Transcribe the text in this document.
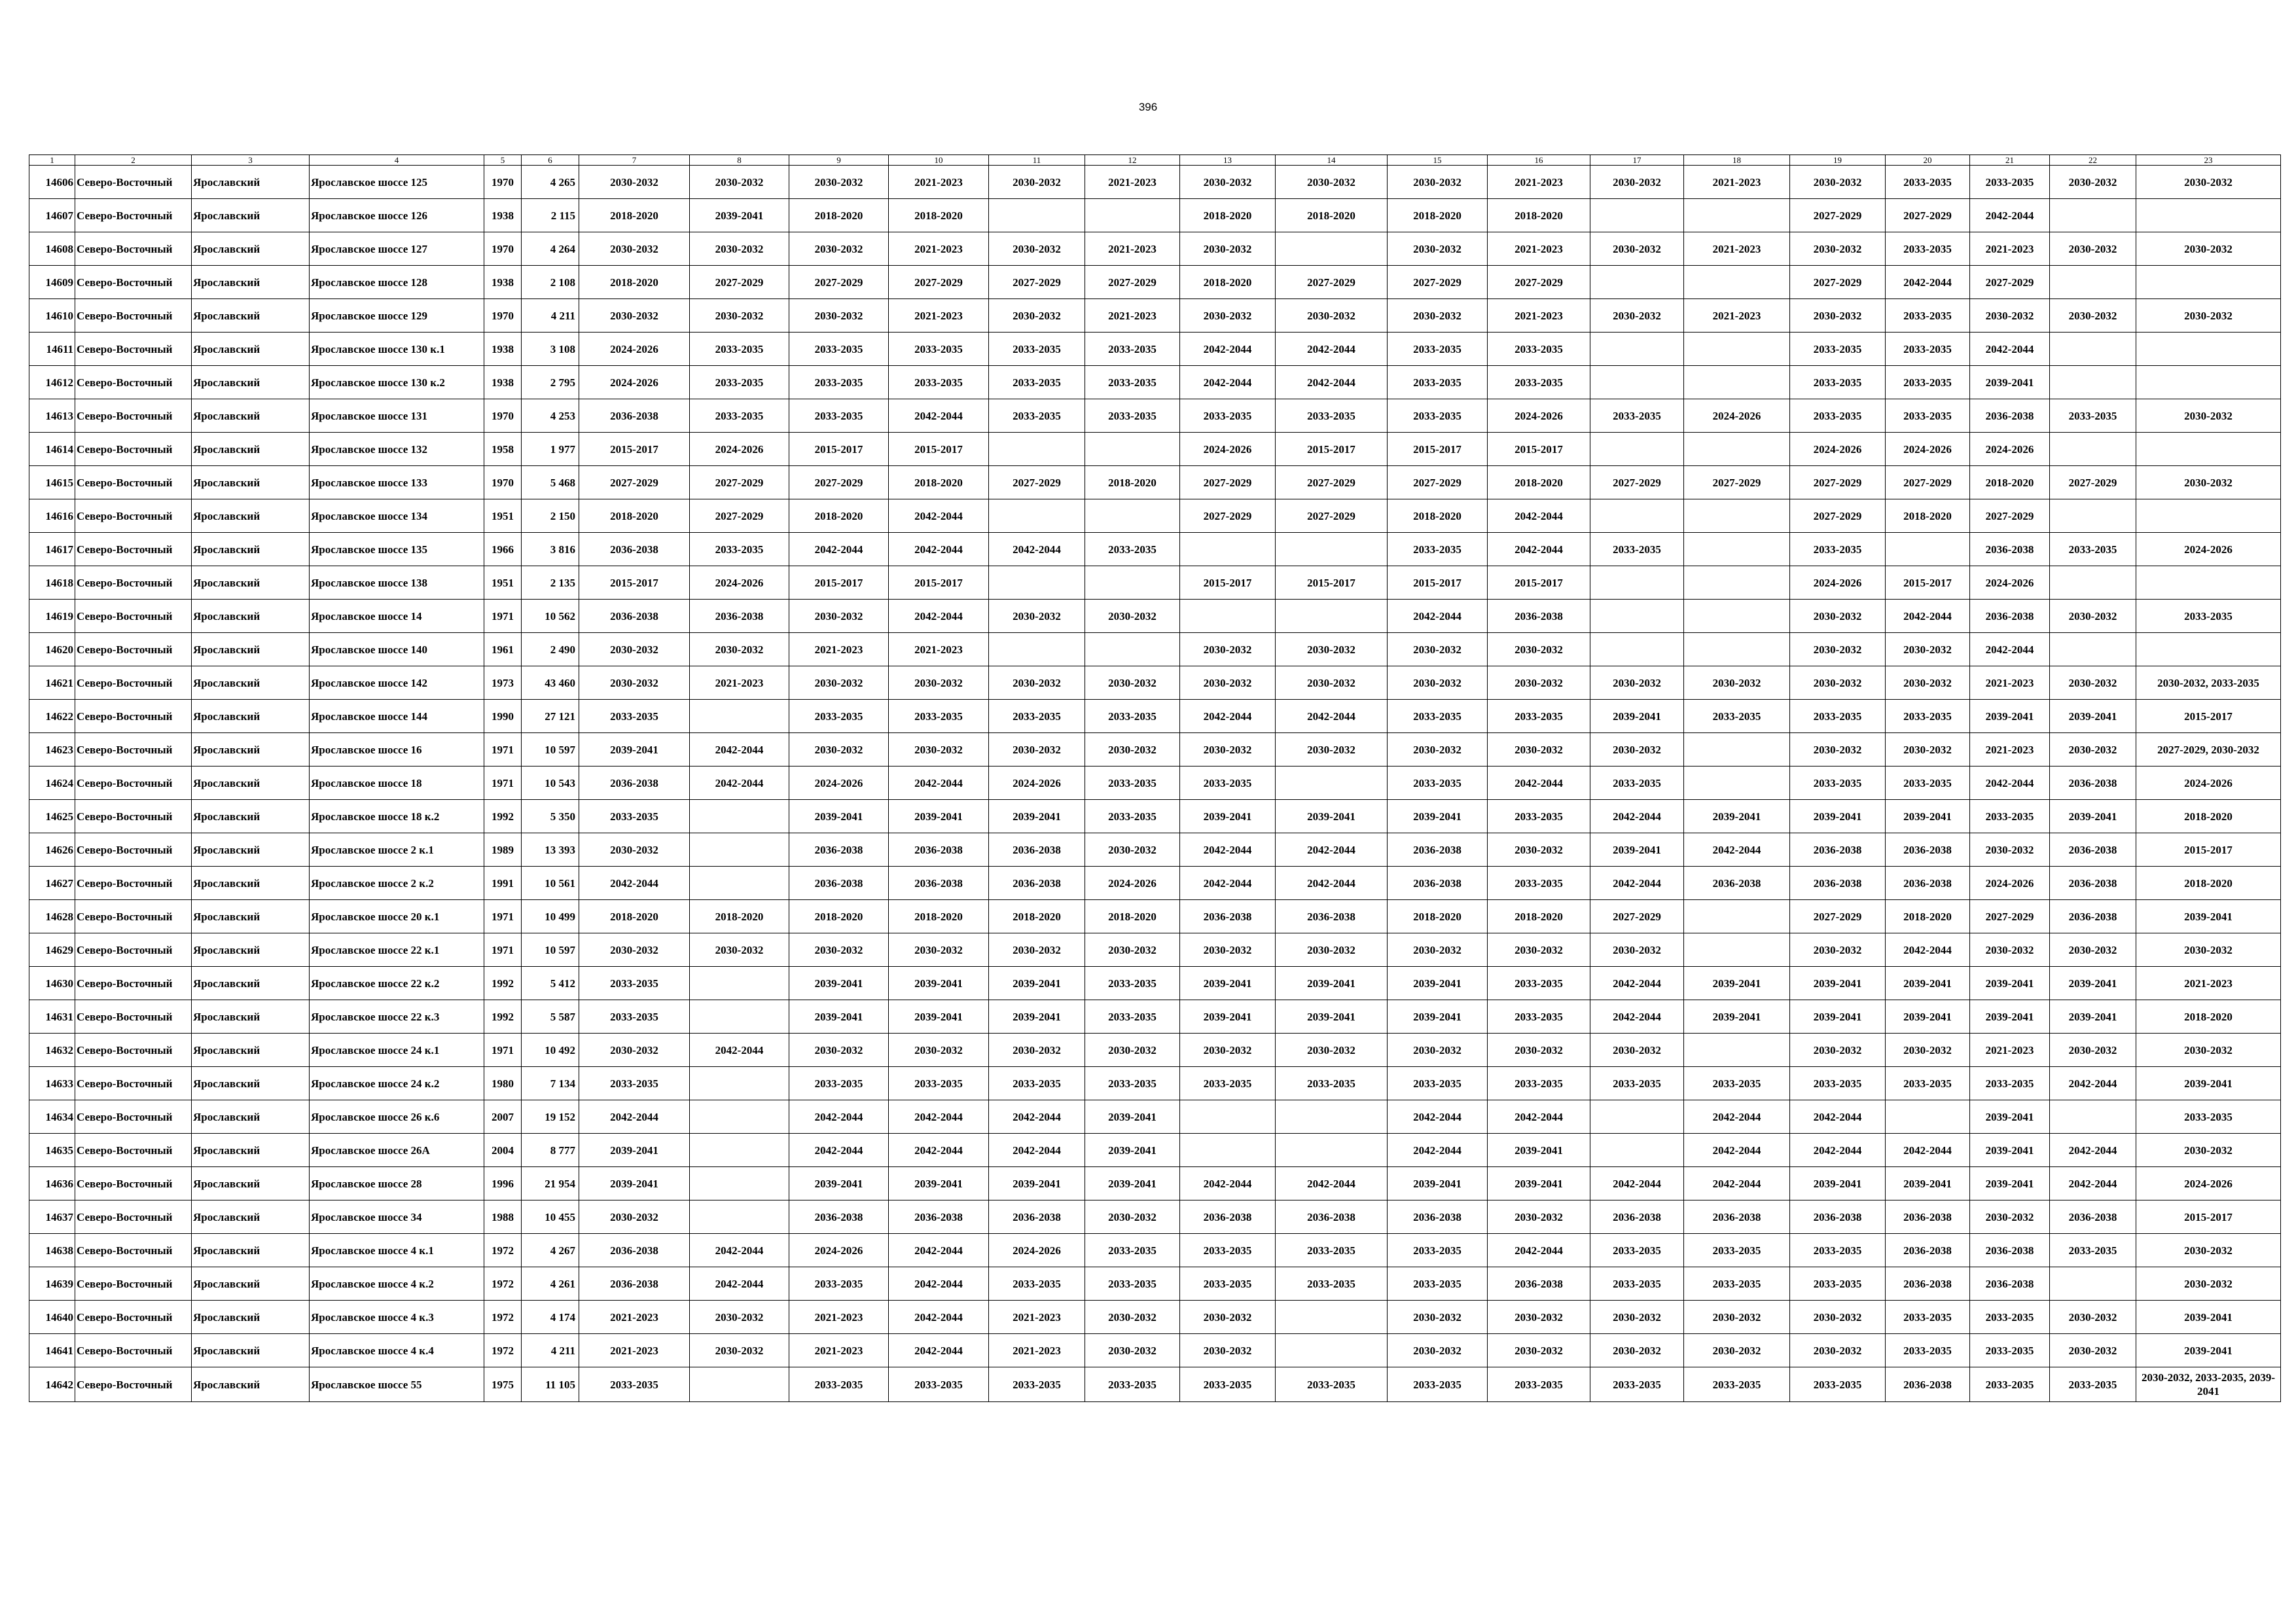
396
1	2	3	4	5	6	7	8	9	10	11	12	13	14	15	16	17	18	19	20	21	22	23
14606	Северо-Восточный	Ярославский	Ярославское шоссе 125	1970	4 265	2030-2032	2030-2032	2030-2032	2021-2023	2030-2032	2021-2023	2030-2032	2030-2032	2030-2032	2021-2023	2030-2032	2021-2023	2030-2032	2033-2035	2033-2035	2030-2032	2030-2032
14607	Северо-Восточный	Ярославский	Ярославское шоссе 126	1938	2 115	2018-2020	2039-2041	2018-2020	2018-2020			2018-2020	2018-2020	2018-2020	2018-2020			2027-2029	2027-2029	2042-2044		
14608	Северо-Восточный	Ярославский	Ярославское шоссе 127	1970	4 264	2030-2032	2030-2032	2030-2032	2021-2023	2030-2032	2021-2023	2030-2032		2030-2032	2021-2023	2030-2032	2021-2023	2030-2032	2033-2035	2021-2023	2030-2032	2030-2032
14609	Северо-Восточный	Ярославский	Ярославское шоссе 128	1938	2 108	2018-2020	2027-2029	2027-2029	2027-2029	2027-2029	2027-2029	2018-2020	2027-2029	2027-2029	2027-2029			2027-2029	2042-2044	2027-2029		
14610	Северо-Восточный	Ярославский	Ярославское шоссе 129	1970	4 211	2030-2032	2030-2032	2030-2032	2021-2023	2030-2032	2021-2023	2030-2032	2030-2032	2030-2032	2021-2023	2030-2032	2021-2023	2030-2032	2033-2035	2030-2032	2030-2032	2030-2032
14611	Северо-Восточный	Ярославский	Ярославское шоссе 130 к.1	1938	3 108	2024-2026	2033-2035	2033-2035	2033-2035	2033-2035	2033-2035	2042-2044	2042-2044	2033-2035	2033-2035			2033-2035	2033-2035	2042-2044		
14612	Северо-Восточный	Ярославский	Ярославское шоссе 130 к.2	1938	2 795	2024-2026	2033-2035	2033-2035	2033-2035	2033-2035	2033-2035	2042-2044	2042-2044	2033-2035	2033-2035			2033-2035	2033-2035	2039-2041		
14613	Северо-Восточный	Ярославский	Ярославское шоссе 131	1970	4 253	2036-2038	2033-2035	2033-2035	2042-2044	2033-2035	2033-2035	2033-2035	2033-2035	2033-2035	2024-2026	2033-2035	2024-2026	2033-2035	2033-2035	2036-2038	2033-2035	2030-2032
14614	Северо-Восточный	Ярославский	Ярославское шоссе 132	1958	1 977	2015-2017	2024-2026	2015-2017	2015-2017			2024-2026	2015-2017	2015-2017	2015-2017			2024-2026	2024-2026	2024-2026		
14615	Северо-Восточный	Ярославский	Ярославское шоссе 133	1970	5 468	2027-2029	2027-2029	2027-2029	2018-2020	2027-2029	2018-2020	2027-2029	2027-2029	2027-2029	2018-2020	2027-2029	2027-2029	2027-2029	2027-2029	2018-2020	2027-2029	2030-2032
14616	Северо-Восточный	Ярославский	Ярославское шоссе 134	1951	2 150	2018-2020	2027-2029	2018-2020	2042-2044			2027-2029	2027-2029	2018-2020	2042-2044			2027-2029	2018-2020	2027-2029		
14617	Северо-Восточный	Ярославский	Ярославское шоссе 135	1966	3 816	2036-2038	2033-2035	2042-2044	2042-2044	2042-2044	2033-2035			2033-2035	2042-2044	2033-2035		2033-2035		2036-2038	2033-2035	2024-2026
14618	Северо-Восточный	Ярославский	Ярославское шоссе 138	1951	2 135	2015-2017	2024-2026	2015-2017	2015-2017			2015-2017	2015-2017	2015-2017	2015-2017			2024-2026	2015-2017	2024-2026		
14619	Северо-Восточный	Ярославский	Ярославское шоссе 14	1971	10 562	2036-2038	2036-2038	2030-2032	2042-2044	2030-2032	2030-2032			2042-2044	2036-2038			2030-2032	2042-2044	2036-2038	2030-2032	2033-2035
14620	Северо-Восточный	Ярославский	Ярославское шоссе 140	1961	2 490	2030-2032	2030-2032	2021-2023	2021-2023			2030-2032	2030-2032	2030-2032	2030-2032			2030-2032	2030-2032	2042-2044		
14621	Северо-Восточный	Ярославский	Ярославское шоссе 142	1973	43 460	2030-2032	2021-2023	2030-2032	2030-2032	2030-2032	2030-2032	2030-2032	2030-2032	2030-2032	2030-2032	2030-2032	2030-2032	2030-2032	2030-2032	2021-2023	2030-2032	2030-2032, 2033-2035
14622	Северо-Восточный	Ярославский	Ярославское шоссе 144	1990	27 121	2033-2035		2033-2035	2033-2035	2033-2035	2033-2035	2042-2044	2042-2044	2033-2035	2033-2035	2039-2041	2033-2035	2033-2035	2033-2035	2039-2041	2039-2041	2015-2017
14623	Северо-Восточный	Ярославский	Ярославское шоссе 16	1971	10 597	2039-2041	2042-2044	2030-2032	2030-2032	2030-2032	2030-2032	2030-2032	2030-2032	2030-2032	2030-2032	2030-2032		2030-2032	2030-2032	2021-2023	2030-2032	2027-2029, 2030-2032
14624	Северо-Восточный	Ярославский	Ярославское шоссе 18	1971	10 543	2036-2038	2042-2044	2024-2026	2042-2044	2024-2026	2033-2035	2033-2035		2033-2035	2042-2044	2033-2035		2033-2035	2033-2035	2042-2044	2036-2038	2024-2026
14625	Северо-Восточный	Ярославский	Ярославское шоссе 18 к.2	1992	5 350	2033-2035		2039-2041	2039-2041	2039-2041	2033-2035	2039-2041	2039-2041	2039-2041	2033-2035	2042-2044	2039-2041	2039-2041	2039-2041	2033-2035	2039-2041	2018-2020
14626	Северо-Восточный	Ярославский	Ярославское шоссе 2 к.1	1989	13 393	2030-2032		2036-2038	2036-2038	2036-2038	2030-2032	2042-2044	2042-2044	2036-2038	2030-2032	2039-2041	2042-2044	2036-2038	2036-2038	2030-2032	2036-2038	2015-2017
14627	Северо-Восточный	Ярославский	Ярославское шоссе 2 к.2	1991	10 561	2042-2044		2036-2038	2036-2038	2036-2038	2024-2026	2042-2044	2042-2044	2036-2038	2033-2035	2042-2044	2036-2038	2036-2038	2036-2038	2024-2026	2036-2038	2018-2020
14628	Северо-Восточный	Ярославский	Ярославское шоссе 20 к.1	1971	10 499	2018-2020	2018-2020	2018-2020	2018-2020	2018-2020	2018-2020	2036-2038	2036-2038	2018-2020	2018-2020	2027-2029		2027-2029	2018-2020	2027-2029	2036-2038	2039-2041
14629	Северо-Восточный	Ярославский	Ярославское шоссе 22 к.1	1971	10 597	2030-2032	2030-2032	2030-2032	2030-2032	2030-2032	2030-2032	2030-2032	2030-2032	2030-2032	2030-2032	2030-2032		2030-2032	2042-2044	2030-2032	2030-2032	2030-2032
14630	Северо-Восточный	Ярославский	Ярославское шоссе 22 к.2	1992	5 412	2033-2035		2039-2041	2039-2041	2039-2041	2033-2035	2039-2041	2039-2041	2039-2041	2033-2035	2042-2044	2039-2041	2039-2041	2039-2041	2039-2041	2039-2041	2021-2023
14631	Северо-Восточный	Ярославский	Ярославское шоссе 22 к.3	1992	5 587	2033-2035		2039-2041	2039-2041	2039-2041	2033-2035	2039-2041	2039-2041	2039-2041	2033-2035	2042-2044	2039-2041	2039-2041	2039-2041	2039-2041	2039-2041	2018-2020
14632	Северо-Восточный	Ярославский	Ярославское шоссе 24 к.1	1971	10 492	2030-2032	2042-2044	2030-2032	2030-2032	2030-2032	2030-2032	2030-2032	2030-2032	2030-2032	2030-2032	2030-2032		2030-2032	2030-2032	2021-2023	2030-2032	2030-2032
14633	Северо-Восточный	Ярославский	Ярославское шоссе 24 к.2	1980	7 134	2033-2035		2033-2035	2033-2035	2033-2035	2033-2035	2033-2035	2033-2035	2033-2035	2033-2035	2033-2035	2033-2035	2033-2035	2033-2035	2033-2035	2042-2044	2039-2041
14634	Северо-Восточный	Ярославский	Ярославское шоссе 26 к.6	2007	19 152	2042-2044		2042-2044	2042-2044	2042-2044	2039-2041			2042-2044	2042-2044		2042-2044	2042-2044		2039-2041		2033-2035
14635	Северо-Восточный	Ярославский	Ярославское шоссе 26А	2004	8 777	2039-2041		2042-2044	2042-2044	2042-2044	2039-2041			2042-2044	2039-2041		2042-2044	2042-2044	2042-2044	2039-2041	2042-2044	2030-2032
14636	Северо-Восточный	Ярославский	Ярославское шоссе 28	1996	21 954	2039-2041		2039-2041	2039-2041	2039-2041	2039-2041	2042-2044	2042-2044	2039-2041	2039-2041	2042-2044	2042-2044	2039-2041	2039-2041	2039-2041	2042-2044	2024-2026
14637	Северо-Восточный	Ярославский	Ярославское шоссе 34	1988	10 455	2030-2032		2036-2038	2036-2038	2036-2038	2030-2032	2036-2038	2036-2038	2036-2038	2030-2032	2036-2038	2036-2038	2036-2038	2036-2038	2030-2032	2036-2038	2015-2017
14638	Северо-Восточный	Ярославский	Ярославское шоссе 4 к.1	1972	4 267	2036-2038	2042-2044	2024-2026	2042-2044	2024-2026	2033-2035	2033-2035	2033-2035	2033-2035	2042-2044	2033-2035	2033-2035	2033-2035	2036-2038	2036-2038	2033-2035	2030-2032
14639	Северо-Восточный	Ярославский	Ярославское шоссе 4 к.2	1972	4 261	2036-2038	2042-2044	2033-2035	2042-2044	2033-2035	2033-2035	2033-2035	2033-2035	2033-2035	2036-2038	2033-2035	2033-2035	2033-2035	2036-2038	2036-2038		2030-2032
14640	Северо-Восточный	Ярославский	Ярославское шоссе 4 к.3	1972	4 174	2021-2023	2030-2032	2021-2023	2042-2044	2021-2023	2030-2032	2030-2032		2030-2032	2030-2032	2030-2032	2030-2032	2030-2032	2033-2035	2033-2035	2030-2032	2039-2041
14641	Северо-Восточный	Ярославский	Ярославское шоссе 4 к.4	1972	4 211	2021-2023	2030-2032	2021-2023	2042-2044	2021-2023	2030-2032	2030-2032		2030-2032	2030-2032	2030-2032	2030-2032	2030-2032	2033-2035	2033-2035	2030-2032	2039-2041
14642	Северо-Восточный	Ярославский	Ярославское шоссе 55	1975	11 105	2033-2035		2033-2035	2033-2035	2033-2035	2033-2035	2033-2035	2033-2035	2033-2035	2033-2035	2033-2035	2033-2035	2033-2035	2036-2038	2033-2035	2033-2035	2030-2032, 2033-2035, 2039-2041
